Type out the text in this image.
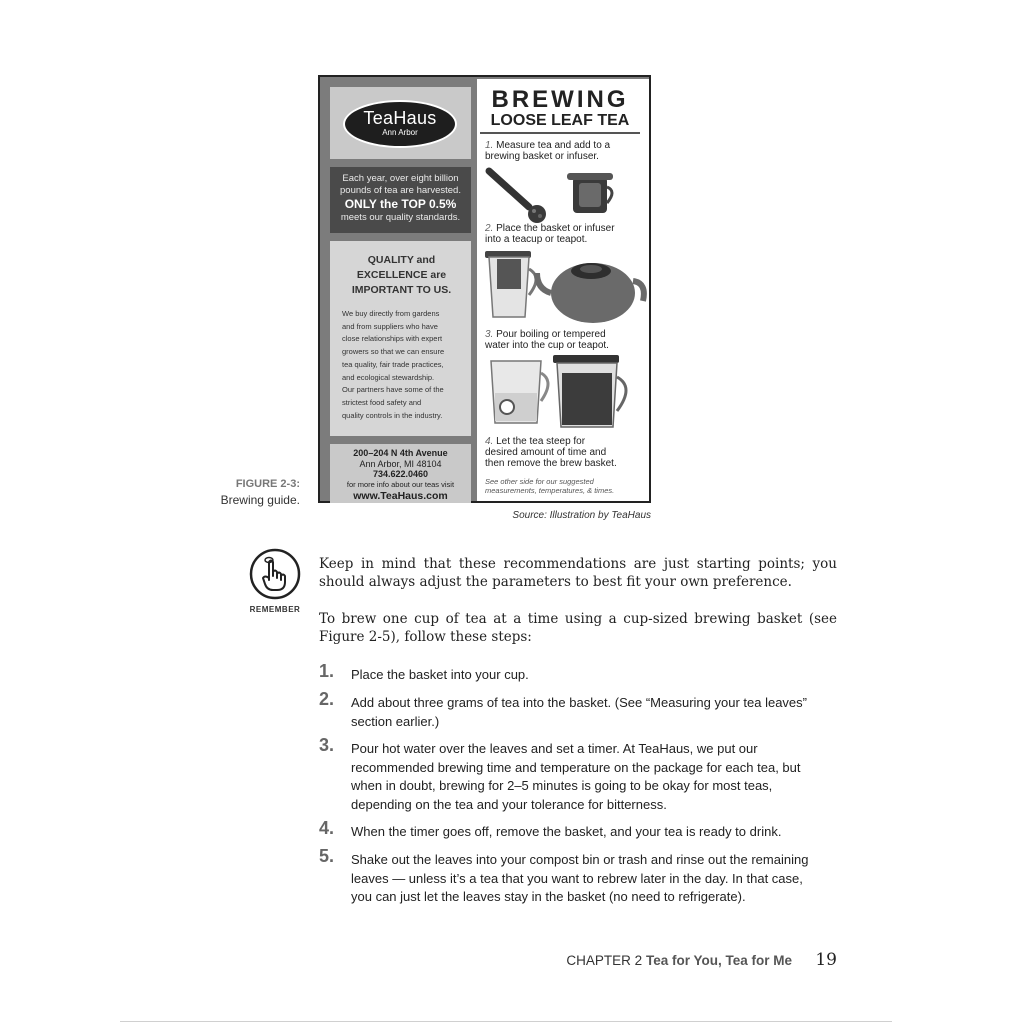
TeaHaus
Ann Arbor
Each year, over eight billion
pounds of tea are harvested.
ONLY the TOP 0.5%
meets our quality standards.
QUALITY and
EXCELLENCE are
IMPORTANT TO US.
We buy directly from gardens
and from suppliers who have
close relationships with expert
growers so that we can ensure
tea quality, fair trade practices,
and ecological stewardship.
Our partners have some of the
strictest food safety and
quality controls in the industry.
200–204 N 4th Avenue
Ann Arbor, MI 48104
734.622.0460
for more info about our teas visit
www.TeaHaus.com
BREWING
LOOSE LEAF TEA
1. Measure tea and add to a
brewing basket or infuser.
2. Place the basket or infuser
into a teacup or teapot.
3. Pour boiling or tempered
water into the cup or teapot.
4. Let the tea steep for
desired amount of time and
then remove the brew basket.
See other side for our suggested
measurements, temperatures, & times.
FIGURE 2-3:
Brewing guide.
Source: Illustration by TeaHaus
REMEMBER
Keep in mind that these recommendations are just starting points; you should always adjust the parameters to best fit your own preference.
To brew one cup of tea at a time using a cup-sized brewing basket (see Figure 2-5), follow these steps:
1.	Place the basket into your cup.
2.	Add about three grams of tea into the basket. (See “Measuring your tea leaves” section earlier.)
3.	Pour hot water over the leaves and set a timer. At TeaHaus, we put our recommended brewing time and temperature on the package for each tea, but when in doubt, brewing for 2–5 minutes is going to be okay for most teas, depending on the tea and your tolerance for bitterness.
4.	When the timer goes off, remove the basket, and your tea is ready to drink.
5.	Shake out the leaves into your compost bin or trash and rinse out the remaining leaves — unless it’s a tea that you want to rebrew later in the day. In that case, you can just let the leaves stay in the basket (no need to refrigerate).
CHAPTER 2 Tea for You, Tea for Me 19
